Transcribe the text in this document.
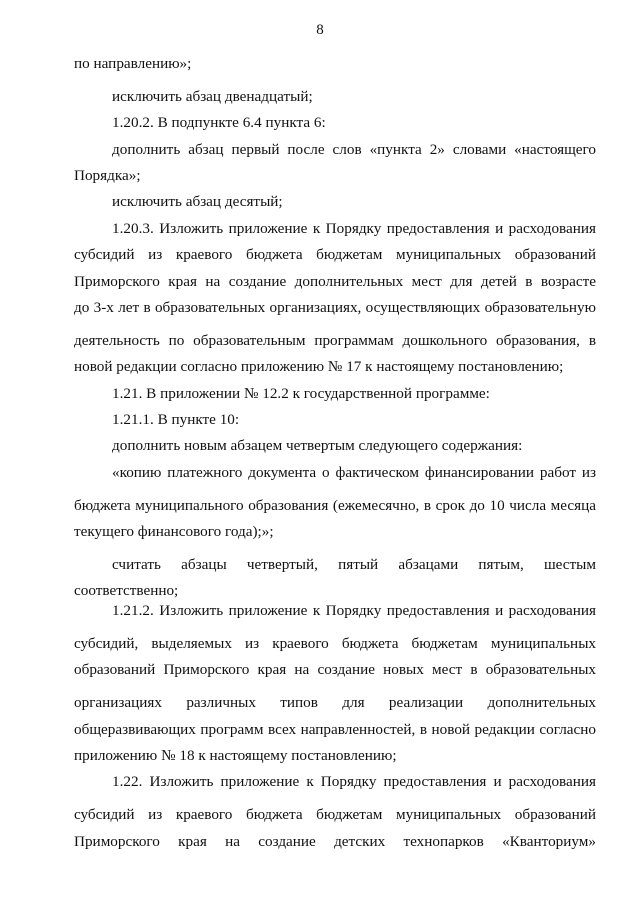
8
по направлению»;
исключить абзац двенадцатый;
1.20.2. В подпункте 6.4 пункта 6:
дополнить абзац первый после слов «пункта 2» словами «настоящего
Порядка»;
исключить абзац десятый;
1.20.3. Изложить приложение к Порядку предоставления и расходования
субсидий из краевого бюджета бюджетам муниципальных образований
Приморского края на создание дополнительных мест для детей в возрасте
до 3-х лет в образовательных организациях, осуществляющих образовательную
деятельность по образовательным программам дошкольного образования, в
новой редакции согласно приложению № 17 к настоящему постановлению;
1.21. В приложении № 12.2 к государственной программе:
1.21.1. В пункте 10:
дополнить новым абзацем четвертым следующего содержания:
«копию платежного документа о фактическом финансировании работ из
бюджета муниципального образования (ежемесячно, в срок до 10 числа месяца
текущего финансового года);»;
считать абзацы четвертый, пятый абзацами пятым, шестым
соответственно;
1.21.2. Изложить приложение к Порядку предоставления и расходования
субсидий, выделяемых из краевого бюджета бюджетам муниципальных
образований Приморского края на создание новых мест в образовательных
организациях различных типов для реализации дополнительных
общеразвивающих программ всех направленностей, в новой редакции согласно
приложению № 18 к настоящему постановлению;
1.22. Изложить приложение к Порядку предоставления и расходования
субсидий из краевого бюджета бюджетам муниципальных образований
Приморского края на создание детских технопарков «Кванториум»
